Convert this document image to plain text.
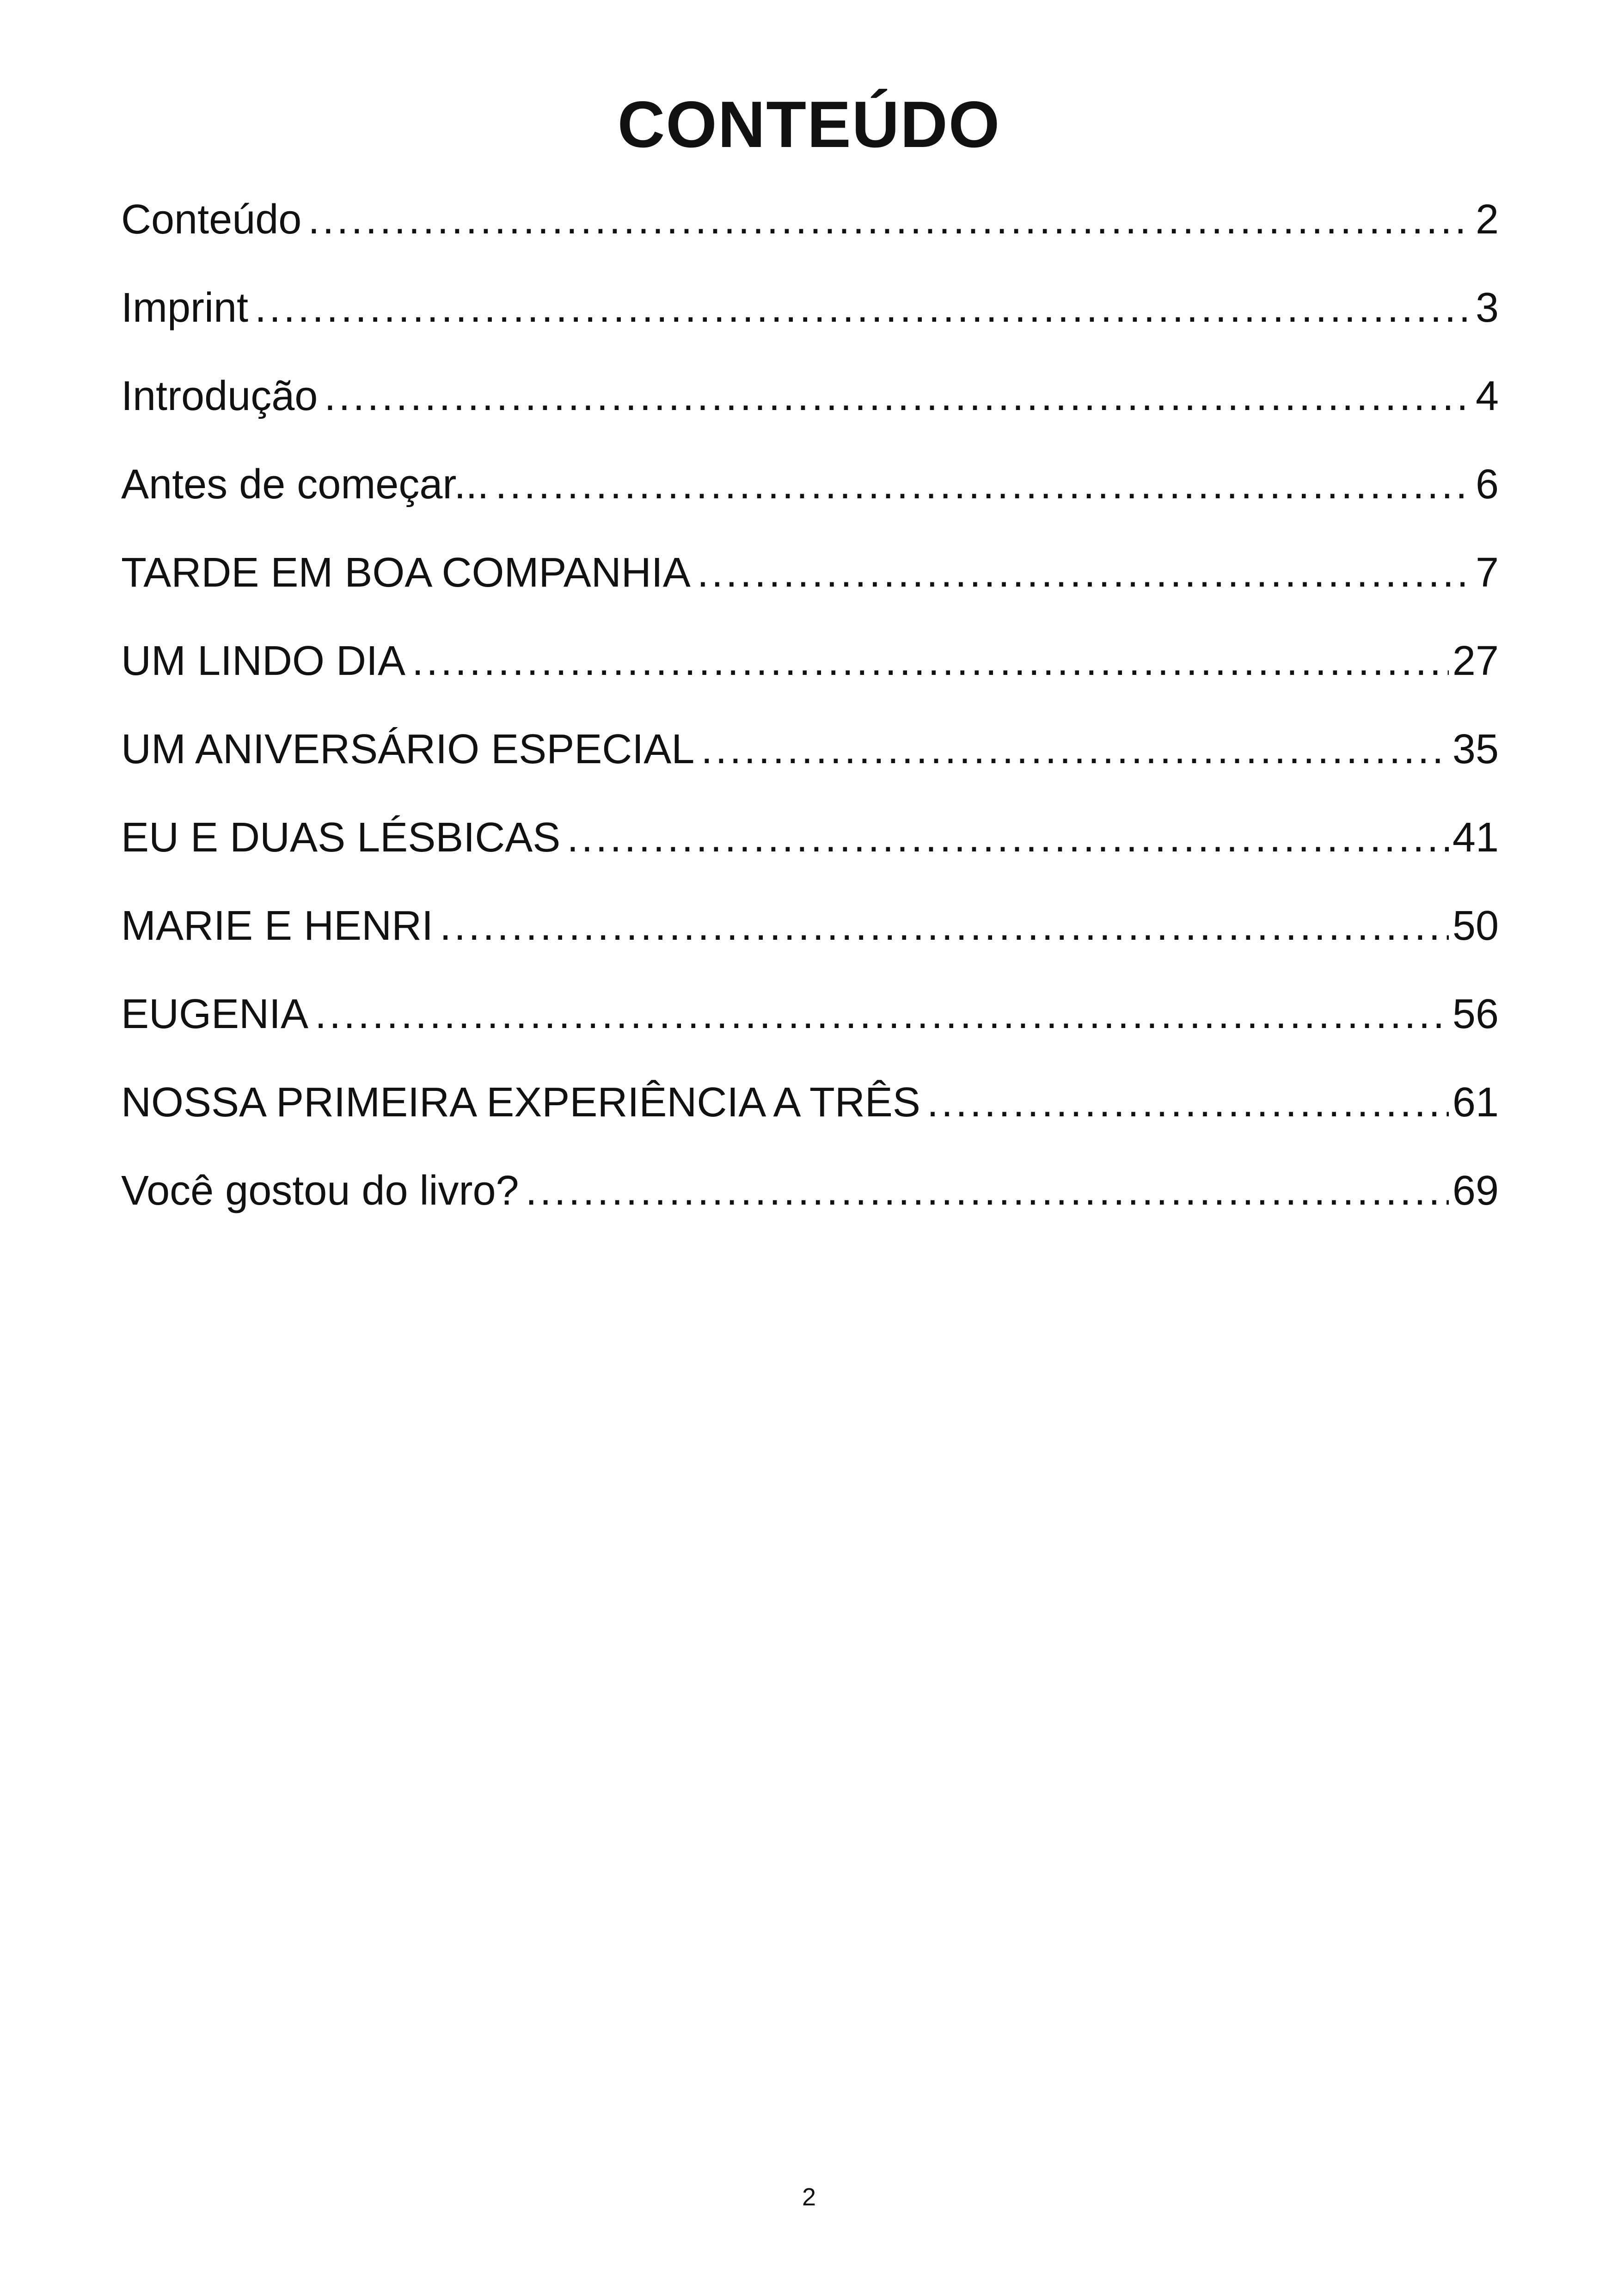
CONTEÚDO
Conteúdo .....	2
Imprint .....	3
Introdução .....	4
Antes de começar... .....	6
TARDE EM BOA COMPANHIA .....	7
UM LINDO DIA .....	27
UM ANIVERSÁRIO ESPECIAL .....	35
EU E DUAS LÉSBICAS .....	41
MARIE E HENRI .....	50
EUGENIA .....	56
NOSSA PRIMEIRA EXPERIÊNCIA A TRÊS .....	61
Você gostou do livro? .....	69
2
